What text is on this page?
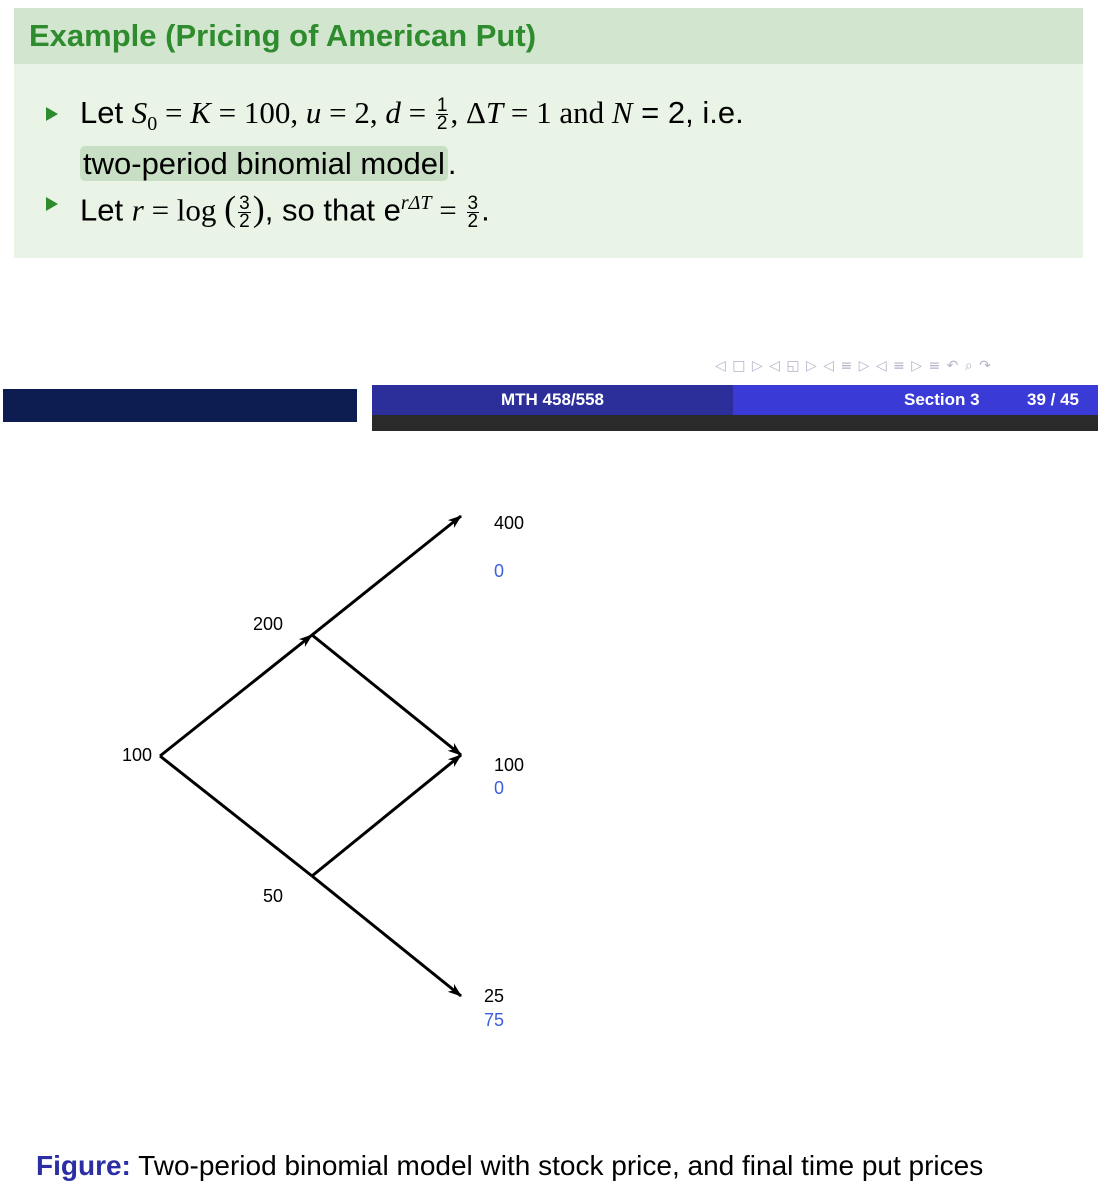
Example (Pricing of American Put)
Let $S_0 = K = 100$, u = 2, $d = \frac{1}{2}$ , ΔT = 1 and N = 2, i.e.
two-period binomial model.
Let r = log ( $\frac{3}{2}$ ), so that $e^{r\Delta T} = \frac{3}{2}$ .
◁ □ ▷ ◁ ◱ ▷ ◁ ≡ ▷ ◁ ≡ ▷ ≡ ↶ ⌕ ↷
MTH 458/558	Section 3	39 / 45
100
200
50
400
0
100
0
25
75
Figure: Two-period binomial model with stock price, and final time put prices
